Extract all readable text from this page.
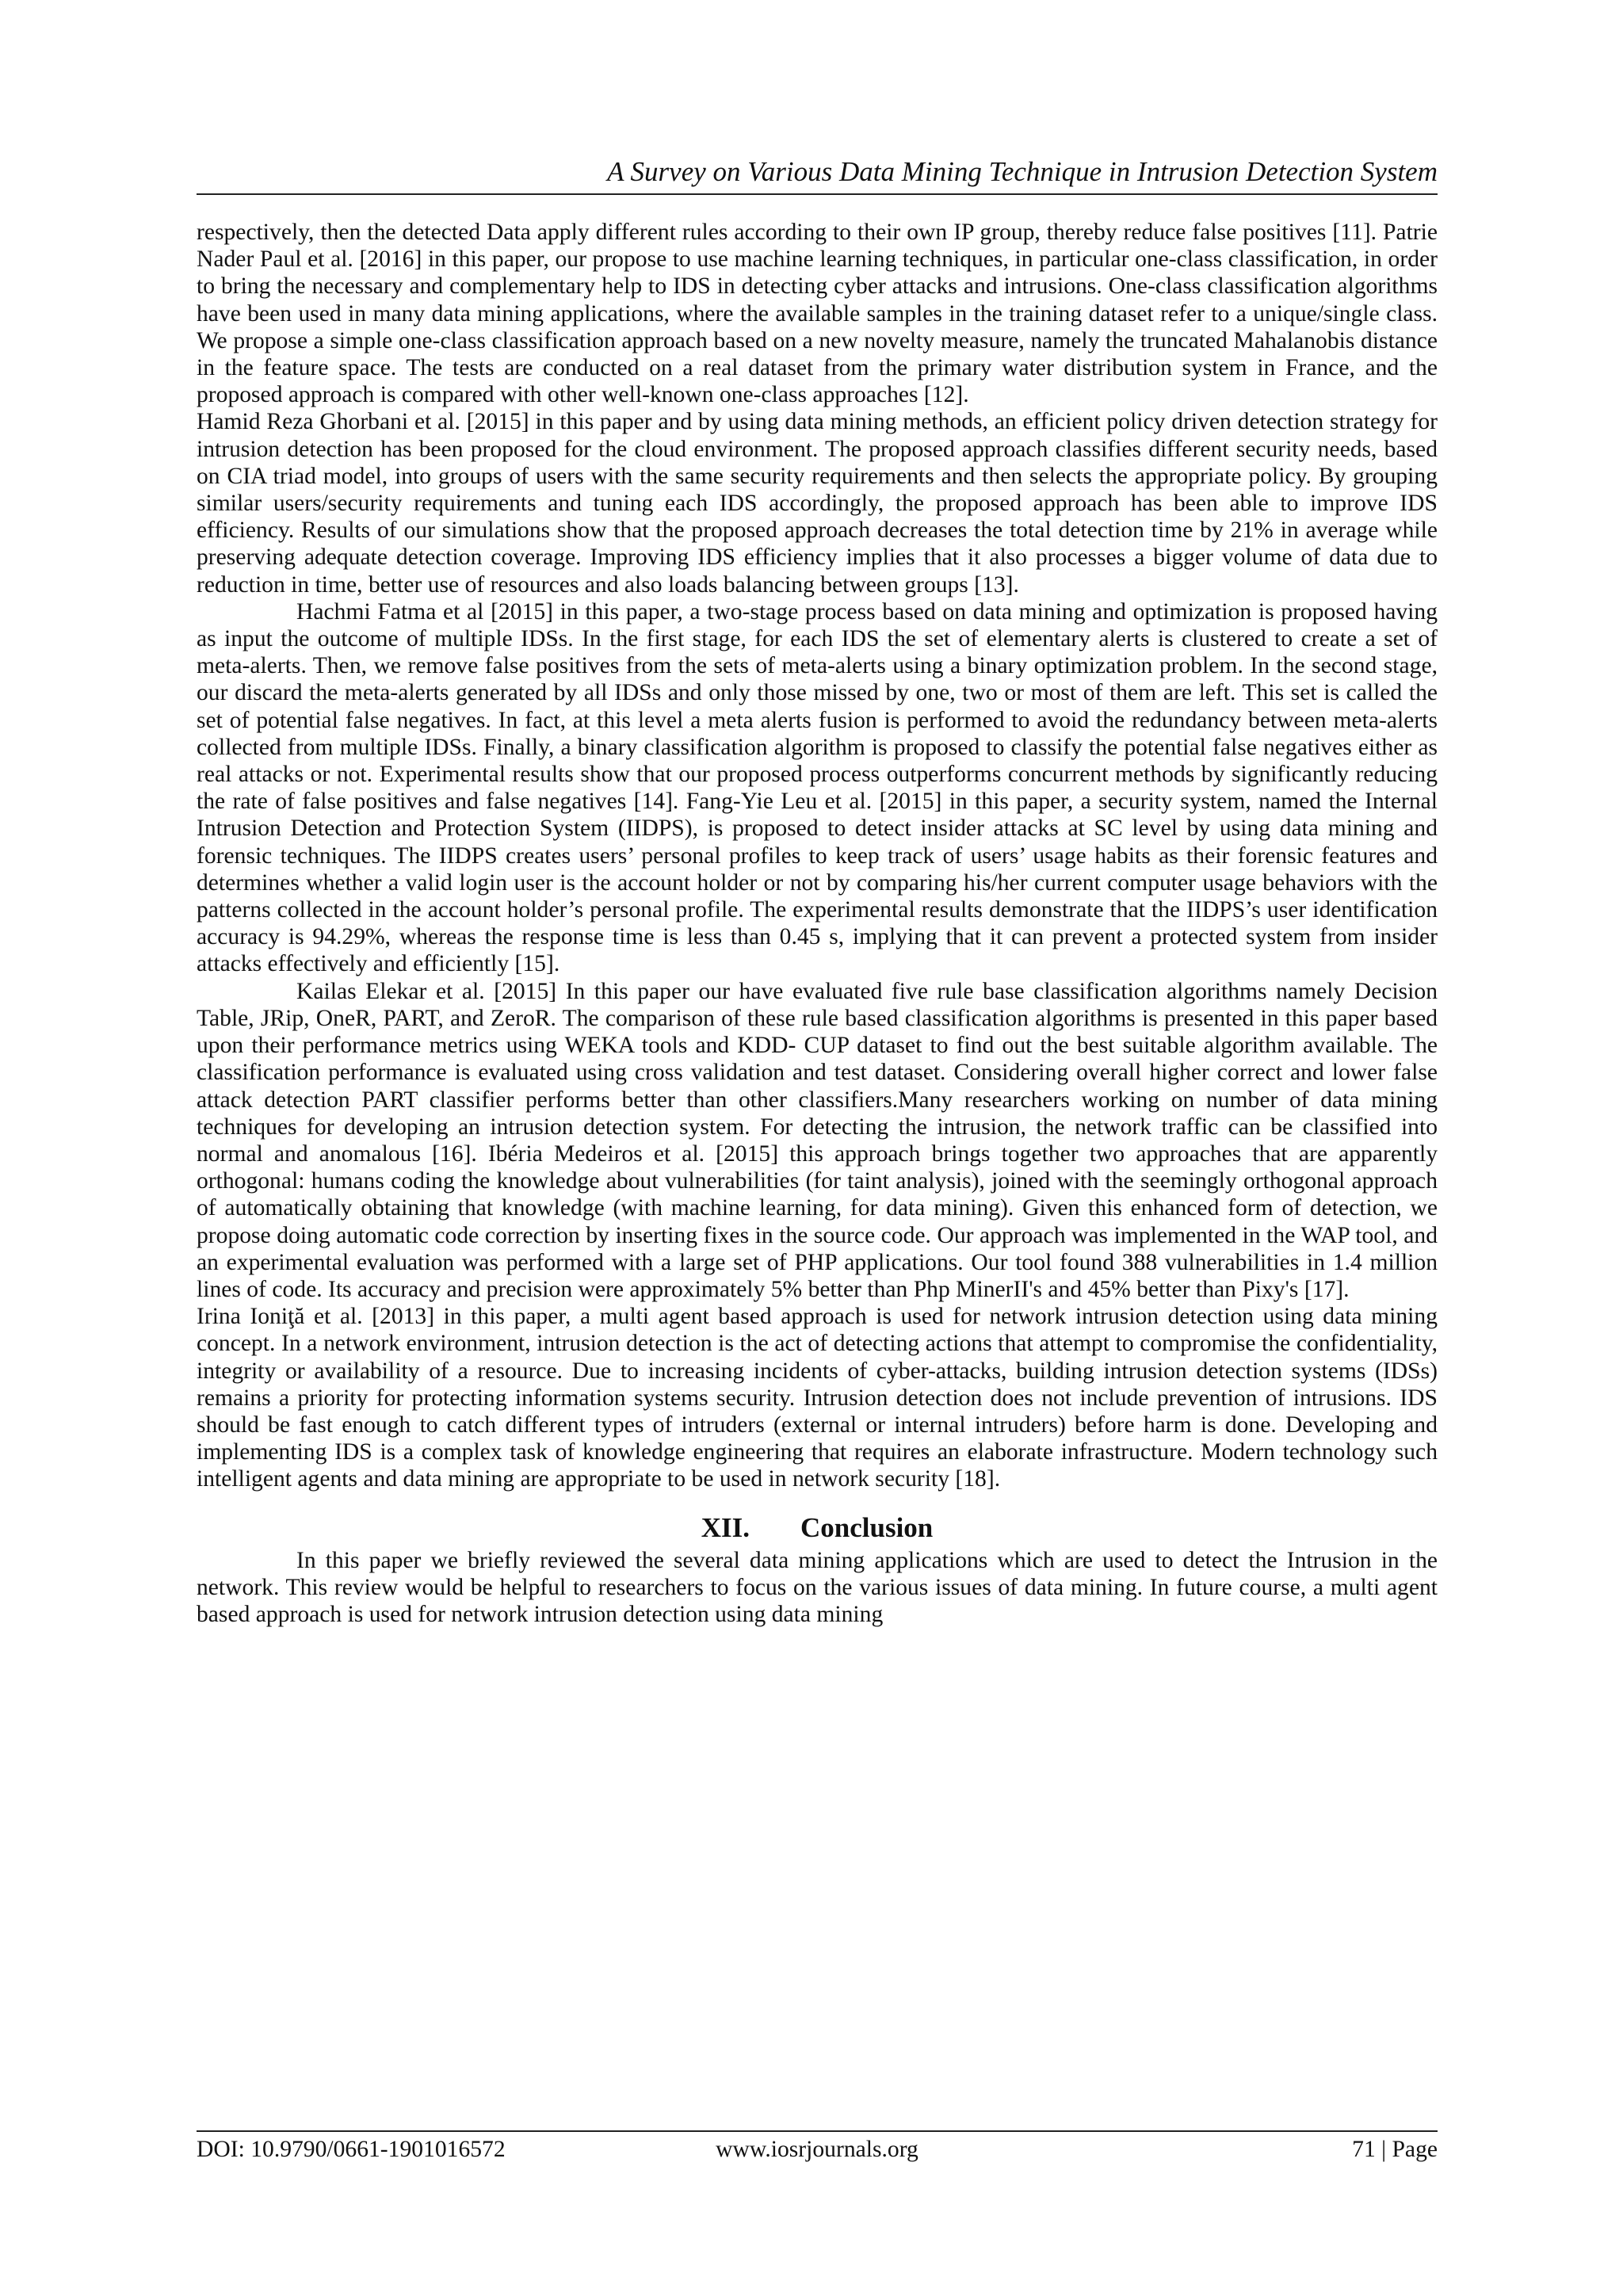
A Survey on Various Data Mining Technique in Intrusion Detection System

respectively, then the detected Data apply different rules according to their own IP group, thereby reduce false positives [11]. Patrie Nader Paul et al. [2016] in this paper, our propose to use machine learning techniques, in particular one-class classification, in order to bring the necessary and complementary help to IDS in detecting cyber attacks and intrusions. One-class classification algorithms have been used in many data mining applications, where the available samples in the training dataset refer to a unique/single class. We propose a simple one-class classification approach based on a new novelty measure, namely the truncated Mahalanobis distance in the feature space. The tests are conducted on a real dataset from the primary water distribution system in France, and the proposed approach is compared with other well-known one-class approaches [12].

Hamid Reza Ghorbani et al. [2015] in this paper and by using data mining methods, an efficient policy driven detection strategy for intrusion detection has been proposed for the cloud environment. The proposed approach classifies different security needs, based on CIA triad model, into groups of users with the same security requirements and then selects the appropriate policy. By grouping similar users/security requirements and tuning each IDS accordingly, the proposed approach has been able to improve IDS efficiency. Results of our simulations show that the proposed approach decreases the total detection time by 21% in average while preserving adequate detection coverage. Improving IDS efficiency implies that it also processes a bigger volume of data due to reduction in time, better use of resources and also loads balancing between groups [13].

Hachmi Fatma et al [2015] in this paper, a two-stage process based on data mining and optimization is proposed having as input the outcome of multiple IDSs. In the first stage, for each IDS the set of elementary alerts is clustered to create a set of meta-alerts. Then, we remove false positives from the sets of meta-alerts using a binary optimization problem. In the second stage, our discard the meta-alerts generated by all IDSs and only those missed by one, two or most of them are left. This set is called the set of potential false negatives. In fact, at this level a meta alerts fusion is performed to avoid the redundancy between meta-alerts collected from multiple IDSs. Finally, a binary classification algorithm is proposed to classify the potential false negatives either as real attacks or not. Experimental results show that our proposed process outperforms concurrent methods by significantly reducing the rate of false positives and false negatives [14]. Fang-Yie Leu et al. [2015] in this paper, a security system, named the Internal Intrusion Detection and Protection System (IIDPS), is proposed to detect insider attacks at SC level by using data mining and forensic techniques. The IIDPS creates users’ personal profiles to keep track of users’ usage habits as their forensic features and determines whether a valid login user is the account holder or not by comparing his/her current computer usage behaviors with the patterns collected in the account holder’s personal profile. The experimental results demonstrate that the IIDPS’s user identification accuracy is 94.29%, whereas the response time is less than 0.45 s, implying that it can prevent a protected system from insider attacks effectively and efficiently [15].

Kailas Elekar et al. [2015] In this paper our have evaluated five rule base classification algorithms namely Decision Table, JRip, OneR, PART, and ZeroR. The comparison of these rule based classification algorithms is presented in this paper based upon their performance metrics using WEKA tools and KDD- CUP dataset to find out the best suitable algorithm available. The classification performance is evaluated using cross validation and test dataset. Considering overall higher correct and lower false attack detection PART classifier performs better than other classifiers.Many researchers working on number of data mining techniques for developing an intrusion detection system. For detecting the intrusion, the network traffic can be classified into normal and anomalous [16]. Ibéria Medeiros et al. [2015] this approach brings together two approaches that are apparently orthogonal: humans coding the knowledge about vulnerabilities (for taint analysis), joined with the seemingly orthogonal approach of automatically obtaining that knowledge (with machine learning, for data mining). Given this enhanced form of detection, we propose doing automatic code correction by inserting fixes in the source code. Our approach was implemented in the WAP tool, and an experimental evaluation was performed with a large set of PHP applications. Our tool found 388 vulnerabilities in 1.4 million lines of code. Its accuracy and precision were approximately 5% better than Php MinerII's and 45% better than Pixy's [17].

Irina Ioniţă et al. [2013] in this paper, a multi agent based approach is used for network intrusion detection using data mining concept. In a network environment, intrusion detection is the act of detecting actions that attempt to compromise the confidentiality, integrity or availability of a resource. Due to increasing incidents of cyber-attacks, building intrusion detection systems (IDSs) remains a priority for protecting information systems security. Intrusion detection does not include prevention of intrusions. IDS should be fast enough to catch different types of intruders (external or internal intruders) before harm is done. Developing and implementing IDS is a complex task of knowledge engineering that requires an elaborate infrastructure. Modern technology such intelligent agents and data mining are appropriate to be used in network security [18].

XII. Conclusion

In this paper we briefly reviewed the several data mining applications which are used to detect the Intrusion in the network. This review would be helpful to researchers to focus on the various issues of data mining. In future course, a multi agent based approach is used for network intrusion detection using data mining

DOI: 10.9790/0661-1901016572	www.iosrjournals.org	71 | Page
